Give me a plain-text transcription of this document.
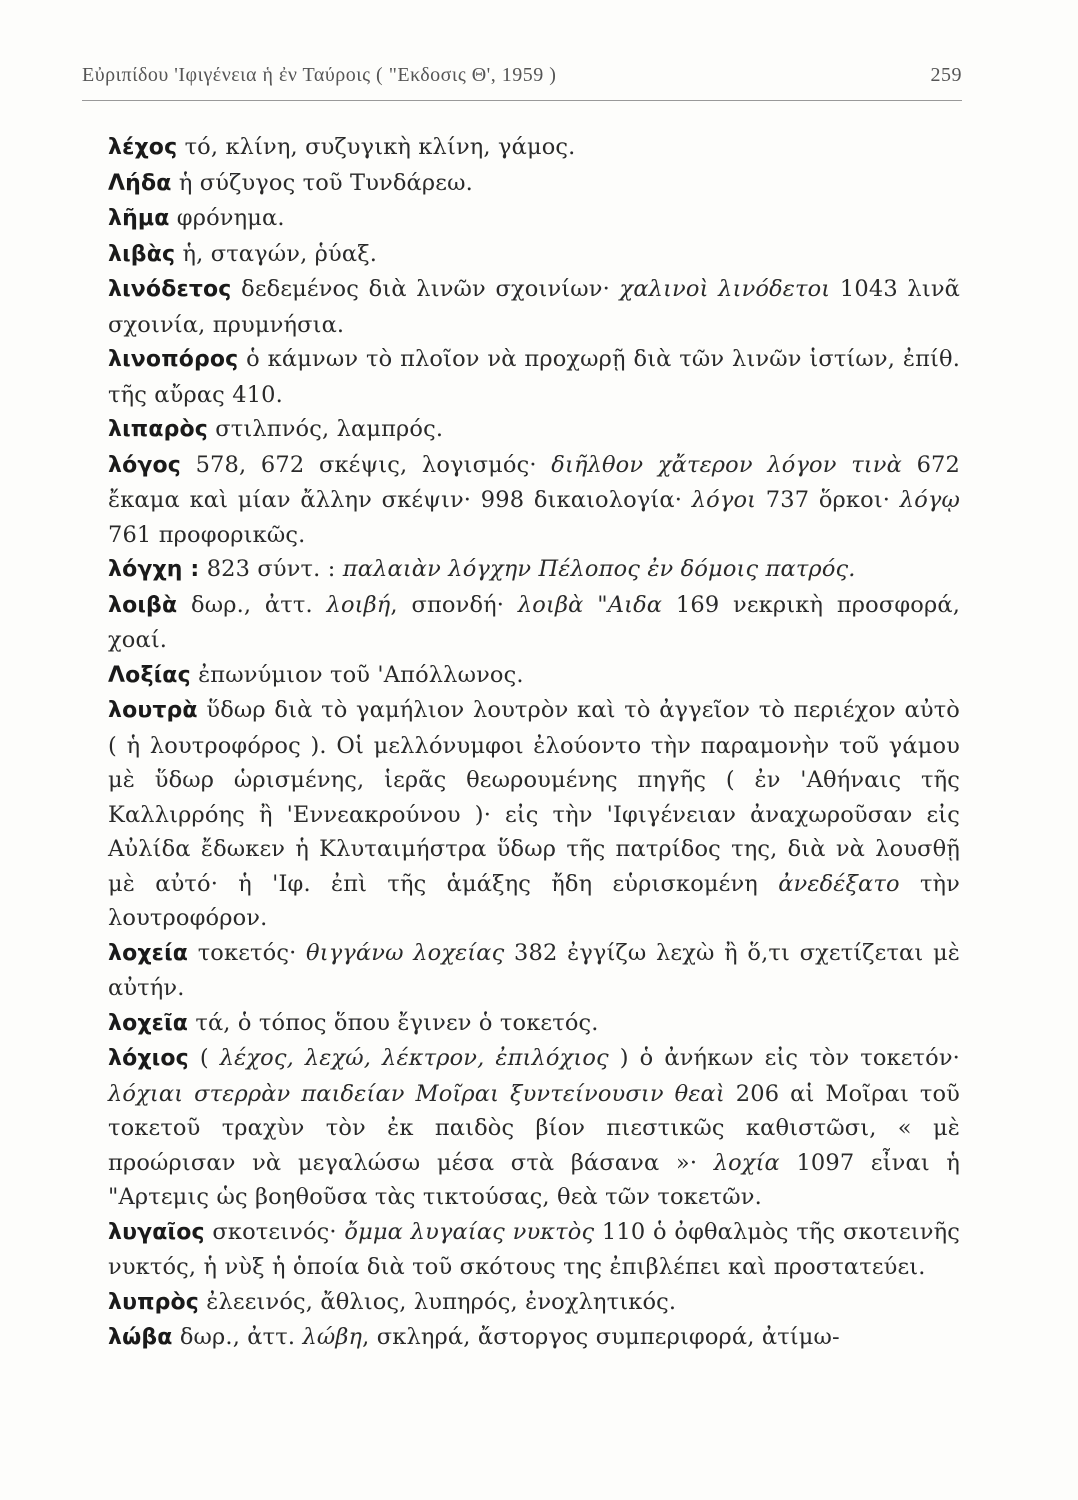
Εὐριπίδου 'Ιφιγένεια ἡ ἐν Ταύροις ( "Εκδοσις Θ', 1959 )	259

λέχος τό, κλίνη, συζυγικὴ κλίνη, γάμος.

Λήδα ἡ σύζυγος τοῦ Τυνδάρεω.

λῆμα φρόνημα.

λιβὰς ἡ, σταγών, ῥύαξ.

λινόδετος δεδεμένος διὰ λινῶν σχοινίων· χαλινοὶ λινόδετοι 1043 λινᾶ σχοινία, πρυμνήσια.

λινοπόρος ὁ κάμνων τὸ πλοῖον νὰ προχωρῇ διὰ τῶν λινῶν ἱστίων, ἐπίθ. τῆς αὔρας 410.

λιπαρὸς στιλπνός, λαμπρός.

λόγος 578, 672 σκέψις, λογισμός· διῆλθον χἄτερον λόγον τινὰ 672 ἔκαμα καὶ μίαν ἄλλην σκέψιν· 998 δικαιολογία· λόγοι 737 ὅρκοι· λόγῳ 761 προφορικῶς.

λόγχη : 823 σύντ. : παλαιὰν λόγχην Πέλοπος ἐν δόμοις πατρός.

λοιβὰ δωρ., ἀττ. λοιβή, σπονδή· λοιβὰ "Αιδα 169 νεκρικὴ προσφορά, χοαί.

Λοξίας ἐπωνύμιον τοῦ 'Απόλλωνος.

λουτρὰ ὕδωρ διὰ τὸ γαμήλιον λουτρὸν καὶ τὸ ἀγγεῖον τὸ περιέχον αὐτὸ ( ἡ λουτροφόρος ). Οἱ μελλόνυμφοι ἐλούοντο τὴν παραμονὴν τοῦ γάμου μὲ ὕδωρ ὡρισμένης, ἱερᾶς θεωρουμένης πηγῆς ( ἐν 'Αθήναις τῆς Καλλιρρόης ἢ 'Εννεακρούνου )· εἰς τὴν 'Ιφιγένειαν ἀναχωροῦσαν εἰς Αὐλίδα ἔδωκεν ἡ Κλυταιμήστρα ὕδωρ τῆς πατρίδος της, διὰ νὰ λουσθῇ μὲ αὐτό· ἡ 'Ιφ. ἐπὶ τῆς ἁμάξης ἤδη εὑρισκομένη ἀνεδέξατο τὴν λουτροφόρον.

λοχεία τοκετός· θιγγάνω λοχείας 382 ἐγγίζω λεχὼ ἢ ὅ,τι σχετίζεται μὲ αὐτήν.

λοχεῖα τά, ὁ τόπος ὅπου ἔγινεν ὁ τοκετός.

λόχιος ( λέχος, λεχώ, λέκτρον, ἐπιλόχιος ) ὁ ἀνήκων εἰς τὸν τοκετόν· λόχιαι στερρὰν παιδείαν Μοῖραι ξυντείνουσιν θεαὶ 206 αἱ Μοῖραι τοῦ τοκετοῦ τραχὺν τὸν ἐκ παιδὸς βίον πιεστικῶς καθιστῶσι, « μὲ προώρισαν νὰ μεγαλώσω μέσα στὰ βάσανα »· λοχία 1097 εἶναι ἡ "Αρτεμις ὡς βοηθοῦσα τὰς τικτούσας, θεὰ τῶν τοκετῶν.

λυγαῖος σκοτεινός· ὄμμα λυγαίας νυκτὸς 110 ὁ ὀφθαλμὸς τῆς σκοτεινῆς νυκτός, ἡ νὺξ ἡ ὁποία διὰ τοῦ σκότους της ἐπιβλέπει καὶ προστατεύει.

λυπρὸς ἐλεεινός, ἄθλιος, λυπηρός, ἐνοχλητικός.

λώβα δωρ., ἀττ. λώβη, σκληρά, ἄστοργος συμπεριφορά, ἀτίμω-
